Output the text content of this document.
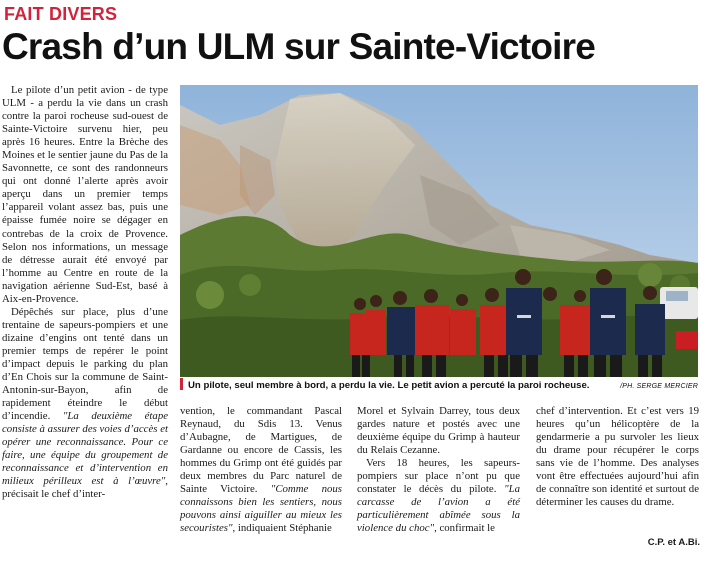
FAIT DIVERS
Crash d’un ULM sur Sainte-Victoire

Le pilote d’un petit avion - de type ULM - a perdu la vie dans un crash contre la paroi rocheuse sud-ouest de Sainte-Victoire survenu hier, peu après 16 heures. Entre la Brèche des Moines et le sentier jaune du Pas de la Savonnette, ce sont des randonneurs qui ont donné l’alerte après avoir aperçu dans un premier temps l’appareil volant assez bas, puis une épaisse fumée noire se dégager en contrebas de la croix de Provence. Selon nos informations, un message de détresse aurait été envoyé par l’homme au Centre en route de la navigation aérienne Sud-Est, basé à Aix-en-Provence.

Dépêchés sur place, plus d’une trentaine de sapeurs-pompiers et une dizaine d’engins ont tenté dans un premier temps de repérer le point d’impact depuis le parking du plan d’En Chois sur la commune de Saint-Antonin-sur-Bayon, afin de rapidement éteindre le début d’incendie. "La deuxième étape consiste à assurer des voies d’accès et opérer une reconnaissance. Pour ce faire, une équipe du groupement de reconnaissance et d’intervention en milieux périlleux est à l’œuvre", précisait le chef d’inter-

Un pilote, seul membre à bord, a perdu la vie. Le petit avion a percuté la paroi rocheuse.	/PH. SERGE MERCIER

vention, le commandant Pascal Reynaud, du Sdis 13. Venus d’Aubagne, de Martigues, de Gardanne ou encore de Cassis, les hommes du Grimp ont été guidés par deux membres du Parc naturel de Sainte Victoire. "Comme nous connaissons bien les sentiers, nous pouvons ainsi aiguiller au mieux les secouristes", indiquaient Stéphanie

Morel et Sylvain Darrey, tous deux gardes nature et postés avec une deuxième équipe du Grimp à hauteur du Relais Cezanne.

Vers 18 heures, les sapeurs-pompiers sur place n’ont pu que constater le décès du pilote. "La carcasse de l’avion a été particulièrement abîmée sous la violence du choc", confirmait le

chef d’intervention. Et c’est vers 19 heures qu’un hélicoptère de la gendarmerie a pu survoler les lieux du drame pour récupérer le corps sans vie de l’homme. Des analyses vont être effectuées aujourd’hui afin de connaître son identité et surtout de déterminer les causes du drame.

C.P. et A.Bi.
